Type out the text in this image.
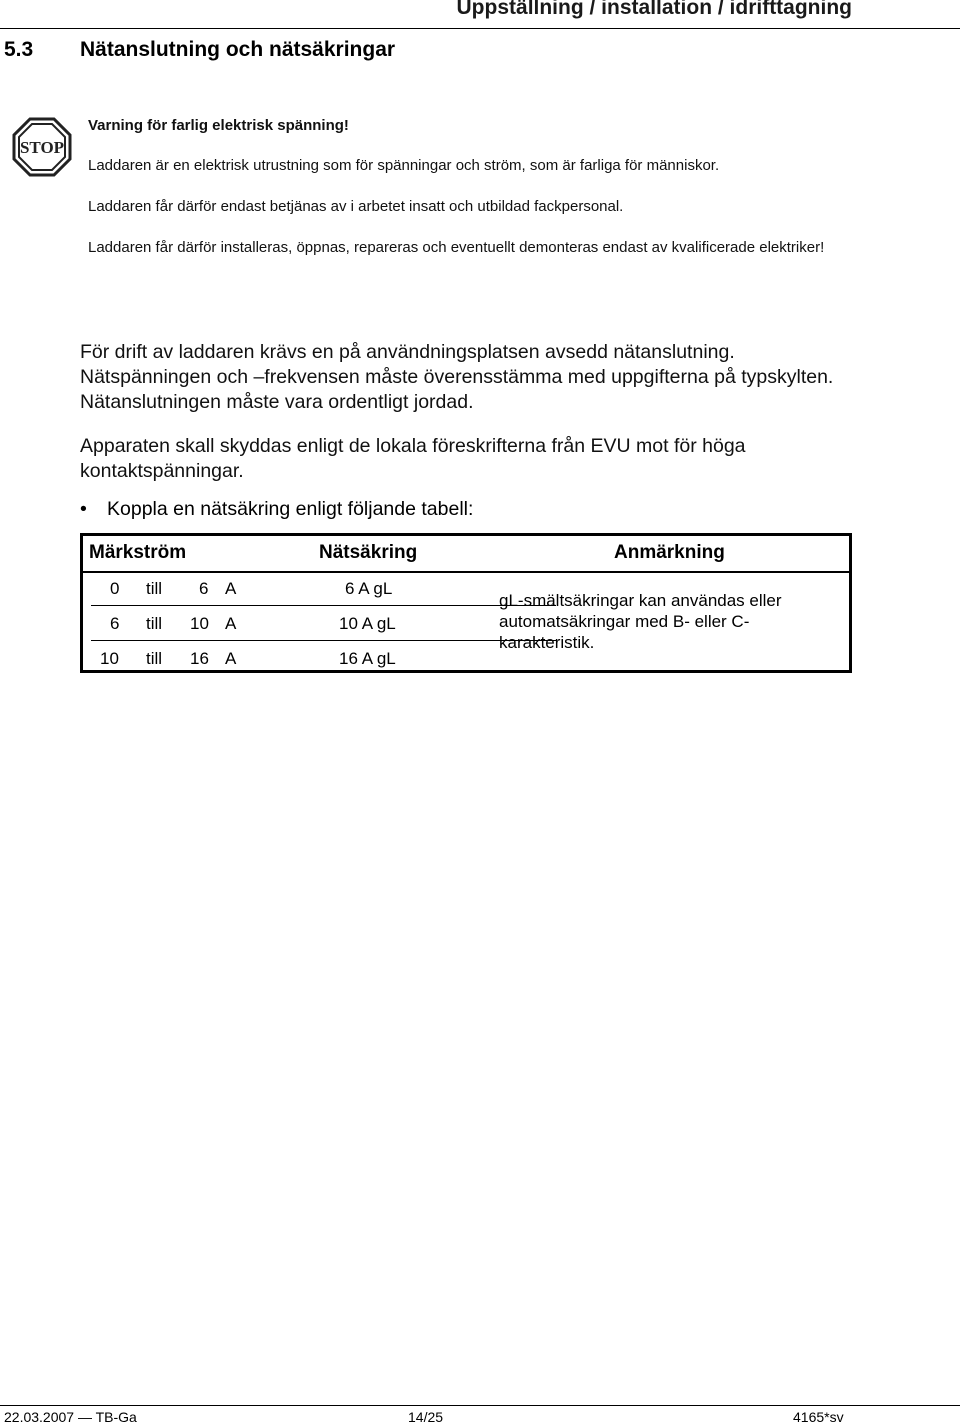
Uppställning / installation / idrifttagning
5.3 Nätanslutning och nätsäkringar
STOP
Varning för farlig elektrisk spänning!
Laddaren är en elektrisk utrustning som för spänningar och ström, som är farliga för människor.
Laddaren får därför endast betjänas av i arbetet insatt och utbildad fackpersonal.
Laddaren får därför installeras, öppnas, repareras och eventuellt demonteras endast av kvalificerade elektriker!
För drift av laddaren krävs en på användningsplatsen avsedd nätanslutning. Nätspänningen och –frekvensen måste överensstämma med uppgifterna på typskylten. Nätanslutningen måste vara ordentligt jordad.
Apparaten skall skyddas enligt de lokala föreskrifterna från EVU mot för höga kontaktspänningar.
• Koppla en nätsäkring enligt följande tabell:
Märkström	Nätsäkring	Anmärkning
0 till 6 A	6 A gL
6 till 10 A	10 A gL
10 till 16 A	16 A gL
gL-smältsäkringar kan användas eller automatsäkringar med B- eller C-karakteristik.
22.03.2007 — TB-Ga	14/25	4165*sv
